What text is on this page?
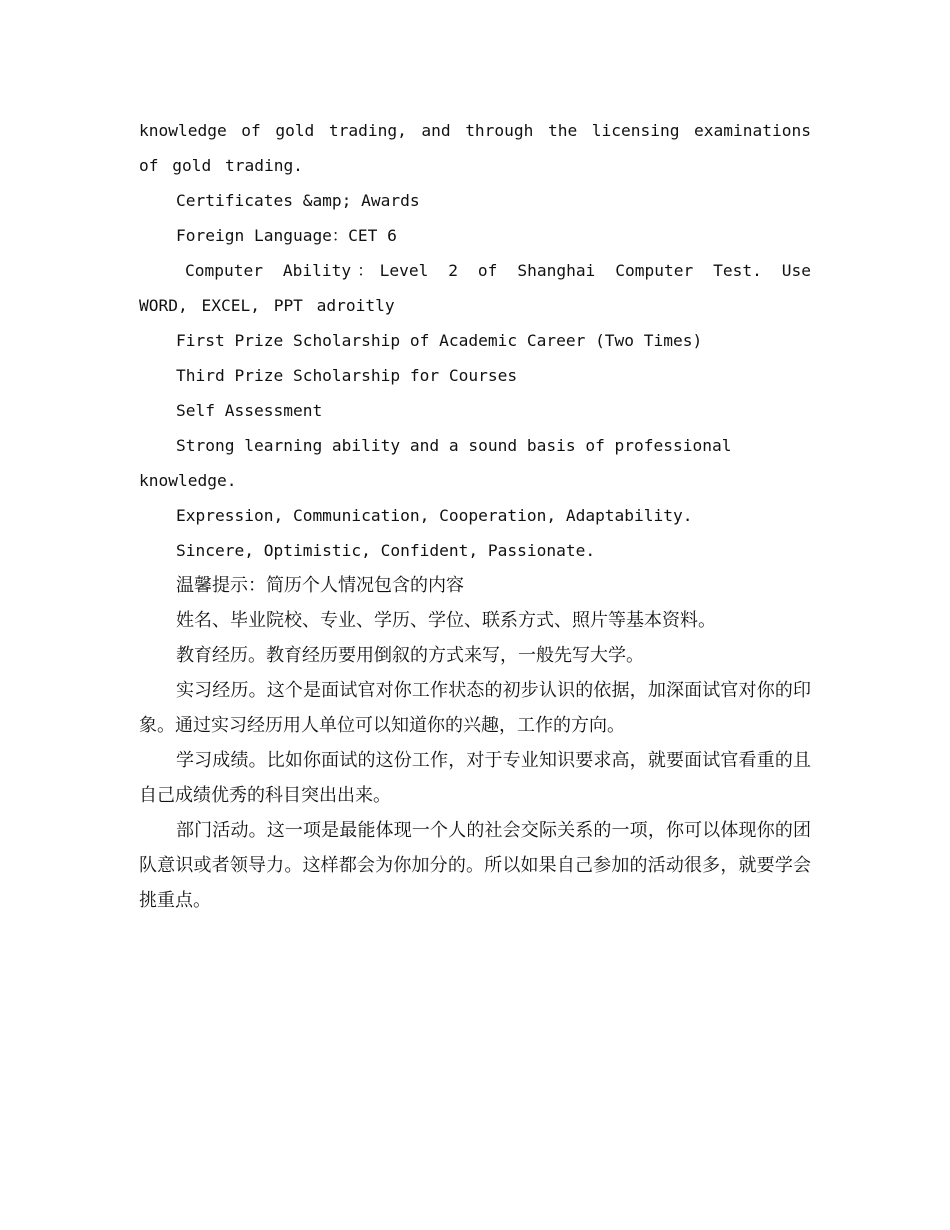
knowledge of gold trading, and through the licensing examinations of gold trading.

Certificates &amp; Awards

Foreign Language：CET 6

Computer Ability：Level 2 of Shanghai Computer Test. Use WORD, EXCEL, PPT adroitly

First Prize Scholarship of Academic Career (Two Times)

Third Prize Scholarship for Courses

Self Assessment

Strong learning ability and a sound basis of professional knowledge.

Expression, Communication, Cooperation, Adaptability.

Sincere, Optimistic, Confident, Passionate.

温馨提示：简历个人情况包含的内容

姓名、毕业院校、专业、学历、学位、联系方式、照片等基本资料。

教育经历。教育经历要用倒叙的方式来写，一般先写大学。

实习经历。这个是面试官对你工作状态的初步认识的依据，加深面试官对你的印象。通过实习经历用人单位可以知道你的兴趣，工作的方向。

学习成绩。比如你面试的这份工作，对于专业知识要求高，就要面试官看重的且自己成绩优秀的科目突出出来。

部门活动。这一项是最能体现一个人的社会交际关系的一项，你可以体现你的团队意识或者领导力。这样都会为你加分的。所以如果自己参加的活动很多，就要学会挑重点。
